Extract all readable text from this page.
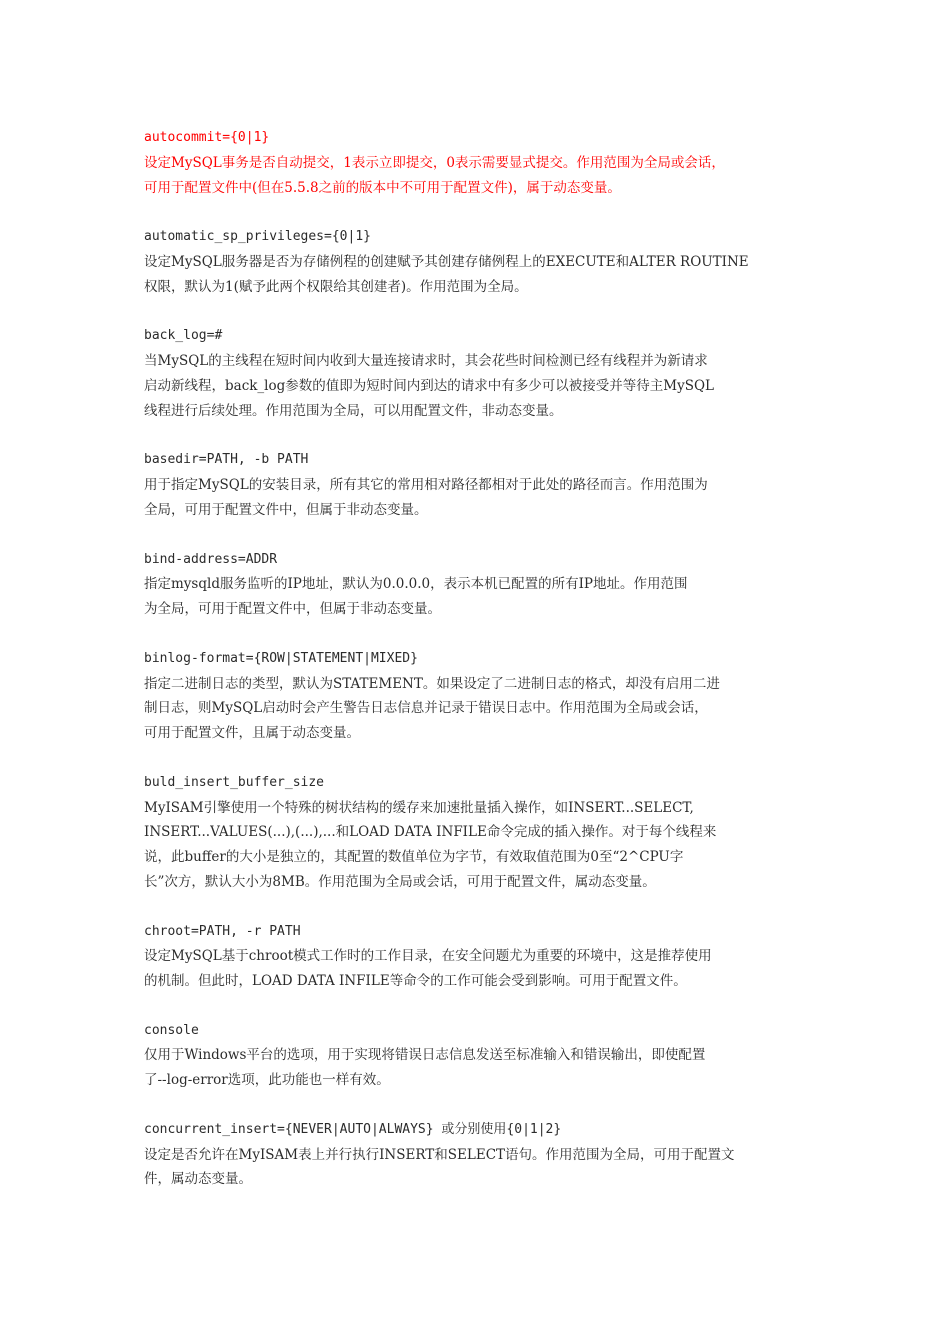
autocommit={0|1}

设定MySQL事务是否自动提交，1表示立即提交，0表示需要显式提交。作用范围为全局或会话，

可用于配置文件中(但在5.5.8之前的版本中不可用于配置文件)，属于动态变量。

automatic_sp_privileges={0|1}

设定MySQL服务器是否为存储例程的创建赋予其创建存储例程上的EXECUTE和ALTER ROUTINE

权限，默认为1(赋予此两个权限给其创建者)。作用范围为全局。

back_log=#

当MySQL的主线程在短时间内收到大量连接请求时，其会花些时间检测已经有线程并为新请求

启动新线程，back_log参数的值即为短时间内到达的请求中有多少可以被接受并等待主MySQL

线程进行后续处理。作用范围为全局，可以用配置文件，非动态变量。

basedir=PATH, -b PATH

用于指定MySQL的安装目录，所有其它的常用相对路径都相对于此处的路径而言。作用范围为

全局，可用于配置文件中，但属于非动态变量。

bind-address=ADDR

指定mysqld服务监听的IP地址，默认为0.0.0.0，表示本机已配置的所有IP地址。作用范围

为全局，可用于配置文件中，但属于非动态变量。

binlog-format={ROW|STATEMENT|MIXED}

指定二进制日志的类型，默认为STATEMENT。如果设定了二进制日志的格式，却没有启用二进

制日志，则MySQL启动时会产生警告日志信息并记录于错误日志中。作用范围为全局或会话，

可用于配置文件，且属于动态变量。

buld_insert_buffer_size

MyISAM引擎使用一个特殊的树状结构的缓存来加速批量插入操作，如INSERT...SELECT,

INSERT...VALUES(...),(...),...和LOAD DATA INFILE命令完成的插入操作。对于每个线程来

说，此buffer的大小是独立的，其配置的数值单位为字节，有效取值范围为0至“2^CPU字

长”次方，默认大小为8MB。作用范围为全局或会话，可用于配置文件，属动态变量。

chroot=PATH, -r PATH

设定MySQL基于chroot模式工作时的工作目录，在安全问题尤为重要的环境中，这是推荐使用

的机制。但此时，LOAD DATA INFILE等命令的工作可能会受到影响。可用于配置文件。

console

仅用于Windows平台的选项，用于实现将错误日志信息发送至标准输入和错误输出，即使配置

了--log-error选项，此功能也一样有效。

concurrent_insert={NEVER|AUTO|ALWAYS} 或分别使用{0|1|2}

设定是否允许在MyISAM表上并行执行INSERT和SELECT语句。作用范围为全局，可用于配置文

件，属动态变量。
